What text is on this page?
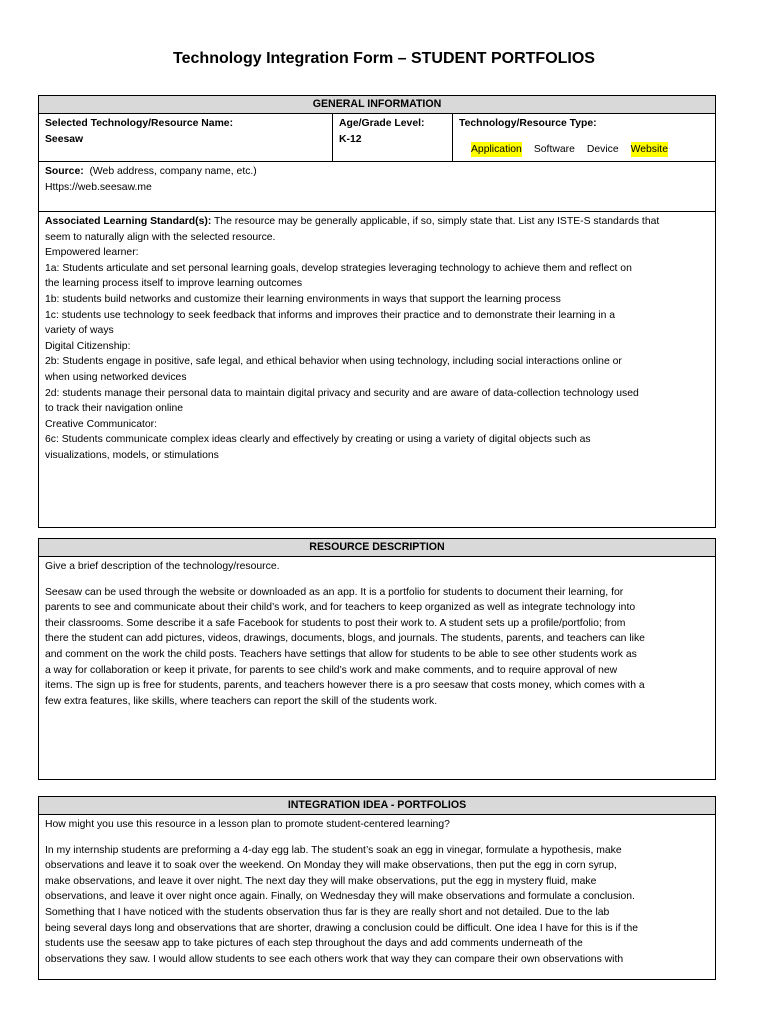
Technology Integration Form – STUDENT PORTFOLIOS
GENERAL INFORMATION
Selected Technology/Resource Name:
Seesaw
Age/Grade Level:
K-12
Technology/Resource Type:
Application Software Device Website
Source: (Web address, company name, etc.)
Https://web.seesaw.me
Associated Learning Standard(s): The resource may be generally applicable, if so, simply state that. List any ISTE-S standards that
seem to naturally align with the selected resource.
Empowered learner:
1a: Students articulate and set personal learning goals, develop strategies leveraging technology to achieve them and reflect on
the learning process itself to improve learning outcomes
1b: students build networks and customize their learning environments in ways that support the learning process
1c: students use technology to seek feedback that informs and improves their practice and to demonstrate their learning in a
variety of ways
Digital Citizenship:
2b: Students engage in positive, safe legal, and ethical behavior when using technology, including social interactions online or
when using networked devices
2d: students manage their personal data to maintain digital privacy and security and are aware of data-collection technology used
to track their navigation online
Creative Communicator:
6c: Students communicate complex ideas clearly and effectively by creating or using a variety of digital objects such as
visualizations, models, or stimulations
RESOURCE DESCRIPTION
Give a brief description of the technology/resource.
Seesaw can be used through the website or downloaded as an app. It is a portfolio for students to document their learning, for
parents to see and communicate about their child’s work, and for teachers to keep organized as well as integrate technology into
their classrooms. Some describe it a safe Facebook for students to post their work to. A student sets up a profile/portfolio; from
there the student can add pictures, videos, drawings, documents, blogs, and journals. The students, parents, and teachers can like
and comment on the work the child posts. Teachers have settings that allow for students to be able to see other students work as
a way for collaboration or keep it private, for parents to see child’s work and make comments, and to require approval of new
items. The sign up is free for students, parents, and teachers however there is a pro seesaw that costs money, which comes with a
few extra features, like skills, where teachers can report the skill of the students work.
INTEGRATION IDEA - PORTFOLIOS
How might you use this resource in a lesson plan to promote student-centered learning?
In my internship students are preforming a 4-day egg lab. The student’s soak an egg in vinegar, formulate a hypothesis, make
observations and leave it to soak over the weekend. On Monday they will make observations, then put the egg in corn syrup,
make observations, and leave it over night. The next day they will make observations, put the egg in mystery fluid, make
observations, and leave it over night once again. Finally, on Wednesday they will make observations and formulate a conclusion.
Something that I have noticed with the students observation thus far is they are really short and not detailed. Due to the lab
being several days long and observations that are shorter, drawing a conclusion could be difficult. One idea I have for this is if the
students use the seesaw app to take pictures of each step throughout the days and add comments underneath of the
observations they saw. I would allow students to see each others work that way they can compare their own observations with
